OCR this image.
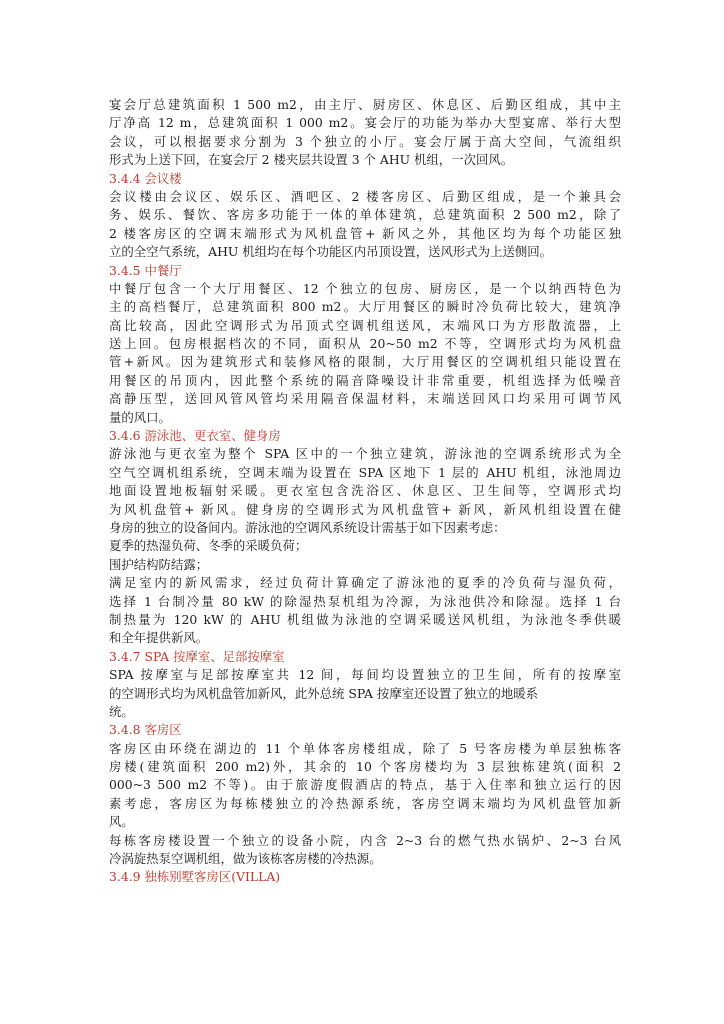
宴会厅总建筑面积 1 500 m2，由主厅、厨房区、休息区、后勤区组成，其中主
厅净高 12 m，总建筑面积 1 000 m2。宴会厅的功能为举办大型宴席、举行大型
会议，可以根据要求分割为 3 个独立的小厅。宴会厅属于高大空间，气流组织
形式为上送下回，在宴会厅 2 楼夹层共设置 3 个 AHU 机组，一次回风。
3.4.4 会议楼
会议楼由会议区、娱乐区、酒吧区、2 楼客房区、后勤区组成，是一个兼具会
务、娱乐、餐饮、客房多功能于一体的单体建筑，总建筑面积 2 500 m2，除了
2 楼客房区的空调末端形式为风机盘管+ 新风之外，其他区均为每个功能区独
立的全空气系统，AHU 机组均在每个功能区内吊顶设置，送风形式为上送侧回。
3.4.5 中餐厅
中餐厅包含一个大厅用餐区、12 个独立的包房、厨房区，是一个以纳西特色为
主的高档餐厅，总建筑面积 800 m2。大厅用餐区的瞬时冷负荷比较大，建筑净
高比较高，因此空调形式为吊顶式空调机组送风，末端风口为方形散流器，上
送上回。包房根据档次的不同，面积从 20~50 m2 不等，空调形式均为风机盘
管+新风。因为建筑形式和装修风格的限制，大厅用餐区的空调机组只能设置在
用餐区的吊顶内，因此整个系统的隔音降噪设计非常重要，机组选择为低噪音
高静压型，送回风管风管均采用隔音保温材料，末端送回风口均采用可调节风
量的风口。
3.4.6 游泳池、更衣室、健身房
游泳池与更衣室为整个 SPA 区中的一个独立建筑，游泳池的空调系统形式为全
空气空调机组系统，空调末端为设置在 SPA 区地下 1 层的 AHU 机组，泳池周边
地面设置地板辐射采暖。更衣室包含洗浴区、休息区、卫生间等，空调形式均
为风机盘管+ 新风。健身房的空调形式为风机盘管+ 新风，新风机组设置在健
身房的独立的设备间内。游泳池的空调风系统设计需基于如下因素考虑：
夏季的热湿负荷、冬季的采暖负荷；
围护结构防结露；
满足室内的新风需求，经过负荷计算确定了游泳池的夏季的冷负荷与湿负荷，
选择 1 台制冷量 80 kW 的除湿热泵机组为冷源，为泳池供冷和除湿。选择 1 台
制热量为 120 kW 的 AHU 机组做为泳池的空调采暖送风机组，为泳池冬季供暖
和全年提供新风。
3.4.7 SPA 按摩室、足部按摩室
SPA 按摩室与足部按摩室共 12 间，每间均设置独立的卫生间，所有的按摩室
的空调形式均为风机盘管加新风，此外总统 SPA 按摩室还设置了独立的地暖系
统。
3.4.8 客房区
客房区由环绕在湖边的 11 个单体客房楼组成，除了 5 号客房楼为单层独栋客
房楼(建筑面积 200 m2)外，其余的 10 个客房楼均为 3 层独栋建筑(面积 2
000~3 500 m2 不等)。由于旅游度假酒店的特点，基于入住率和独立运行的因
素考虑，客房区为每栋楼独立的冷热源系统，客房空调末端均为风机盘管加新
风。
每栋客房楼设置一个独立的设备小院，内含 2~3 台的燃气热水锅炉、2~3 台风
冷涡旋热泵空调机组，做为该栋客房楼的冷热源。
3.4.9 独栋别墅客房区(VILLA)
